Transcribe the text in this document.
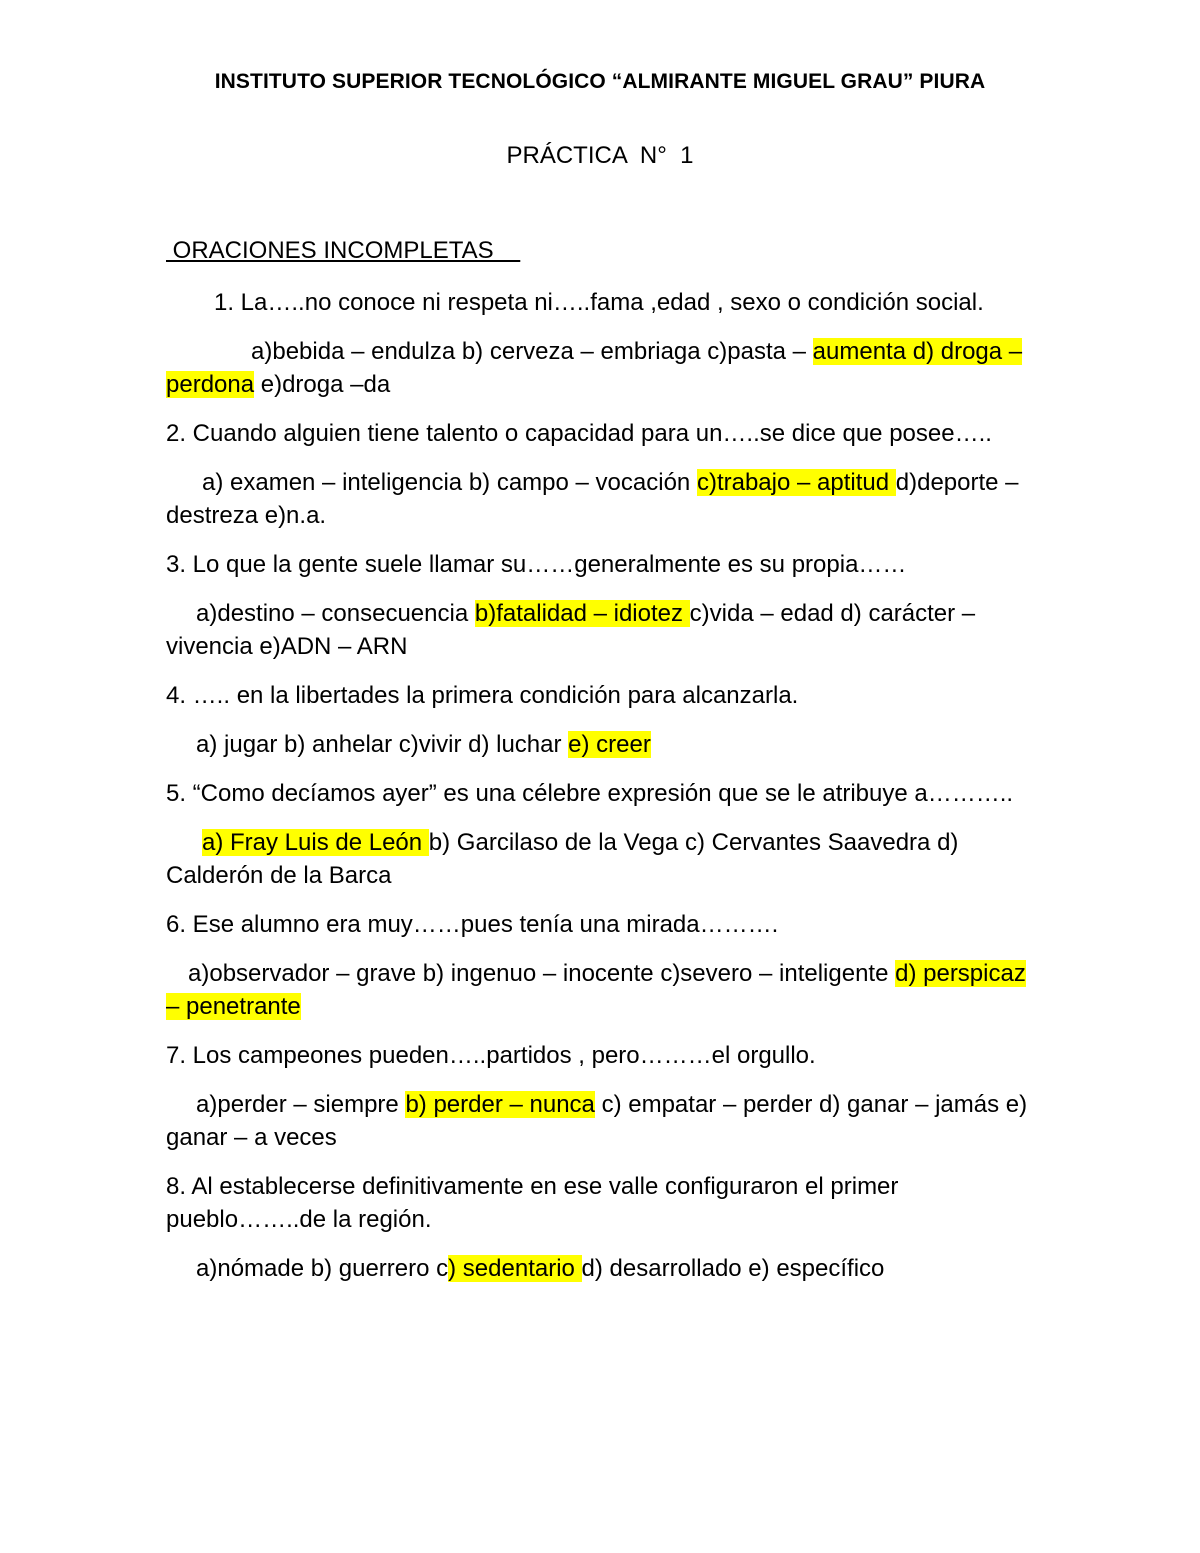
INSTITUTO SUPERIOR TECNOLÓGICO “ALMIRANTE MIGUEL GRAU” PIURA
PRÁCTICA  N°  1
ORACIONES INCOMPLETAS

1. La…..no conoce ni respeta ni…..fama ,edad , sexo o condición social.

a)bebida – endulza b) cerveza – embriaga c)pasta – aumenta d) droga – perdona e)droga –da

2. Cuando alguien tiene talento o capacidad para un…..se dice que posee…..

a) examen – inteligencia b) campo – vocación c)trabajo – aptitud d)deporte – destreza e)n.a.

3. Lo que la gente suele llamar su……generalmente es su propia……

a)destino – consecuencia b)fatalidad – idiotez c)vida – edad d) carácter – vivencia e)ADN – ARN

4. ….. en la libertades la primera condición para alcanzarla.

a) jugar b) anhelar c)vivir d) luchar e) creer

5. “Como decíamos ayer” es una célebre expresión que se le atribuye a………..

a) Fray Luis de León b) Garcilaso de la Vega c) Cervantes Saavedra d) Calderón de la Barca

6. Ese alumno era muy……pues tenía una mirada……….

a)observador – grave b) ingenuo – inocente c)severo – inteligente d) perspicaz – penetrante

7. Los campeones pueden…..partidos , pero………el orgullo.

a)perder – siempre b) perder – nunca c) empatar – perder d) ganar – jamás e) ganar – a veces

8. Al establecerse definitivamente en ese valle configuraron el primer pueblo……..de la región.

a)nómade b) guerrero c) sedentario d) desarrollado e) específico
